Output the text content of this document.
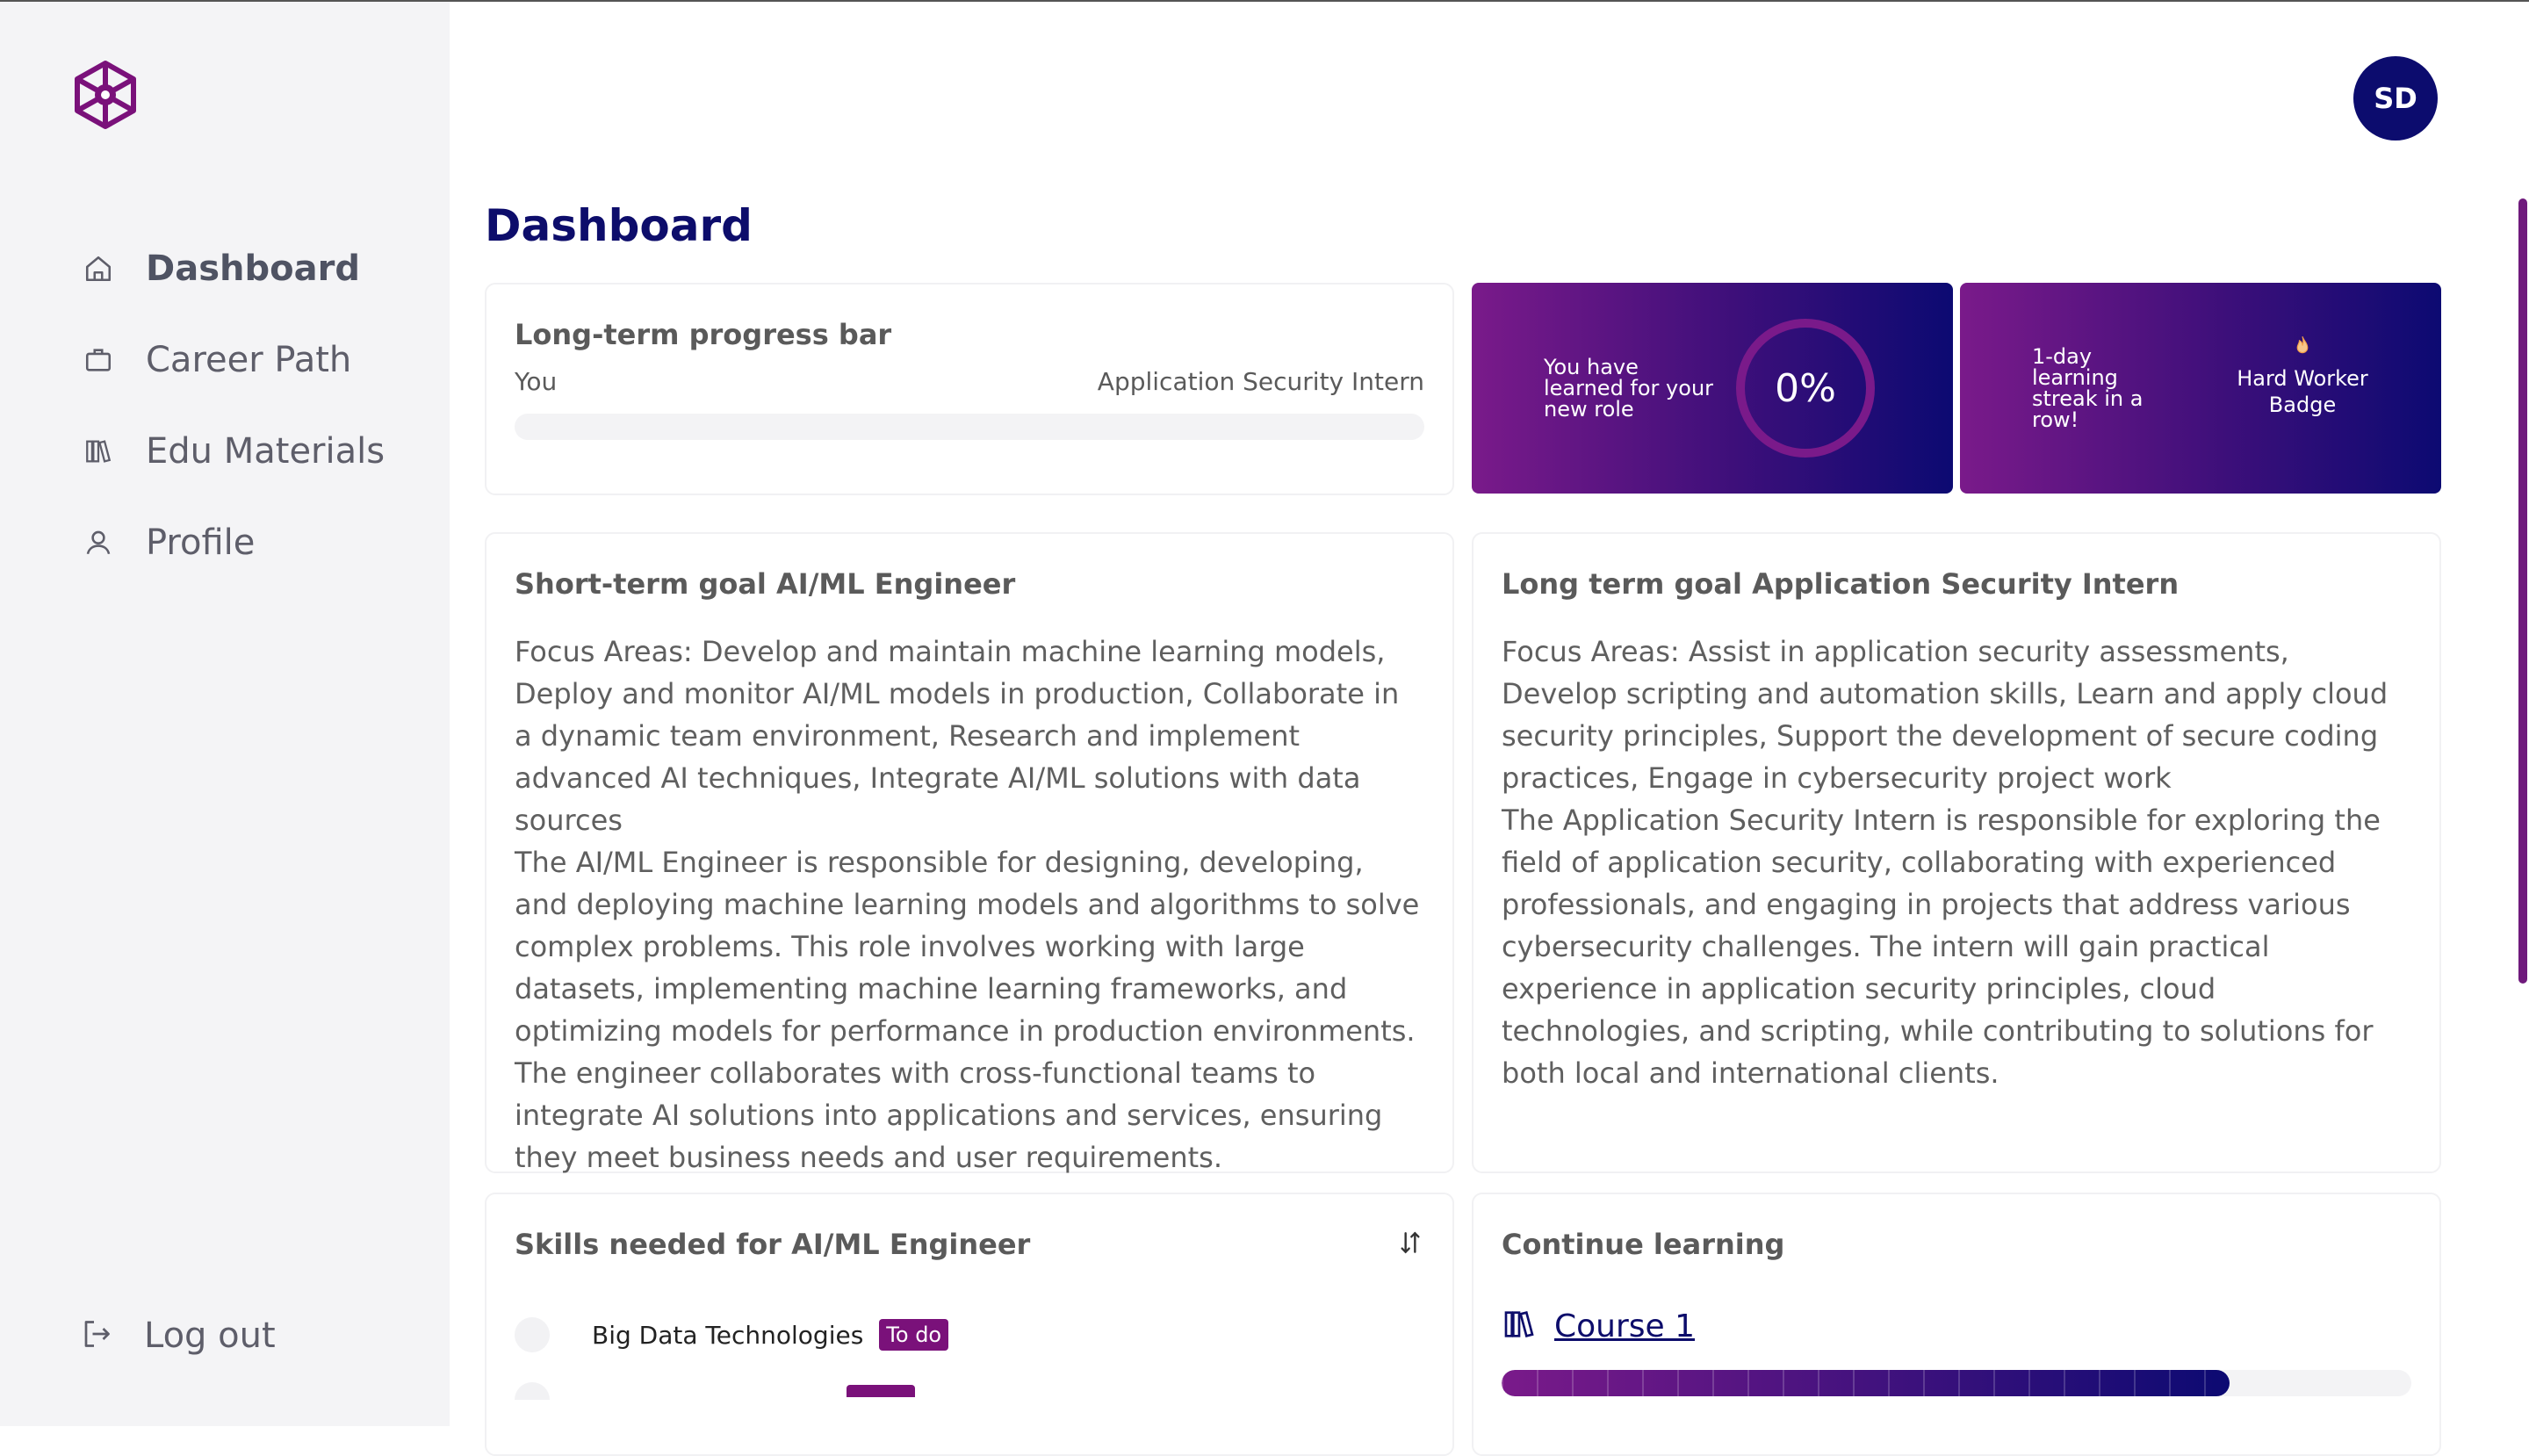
Dashboard
Career Path
Edu Materials
Profile
Log out
SD
Dashboard
Long-term progress bar
You	Application Security Intern	You have learned for your new role	0%
1-day learning streak in a row!
Hard Worker Badge
Short-term goal AI/ML Engineer

Focus Areas: Develop and maintain machine learning models, Deploy and monitor AI/ML models in production, Collaborate in a dynamic team environment, Research and implement advanced AI techniques, Integrate AI/ML solutions with data sources

The AI/ML Engineer is responsible for designing, developing, and deploying machine learning models and algorithms to solve complex problems. This role involves working with large datasets, implementing machine learning frameworks, and optimizing models for performance in production environments. The engineer collaborates with cross-functional teams to integrate AI solutions into applications and services, ensuring they meet business needs and user requirements.

Long term goal Application Security Intern

Focus Areas: Assist in application security assessments, Develop scripting and automation skills, Learn and apply cloud security principles, Support the development of secure coding practices, Engage in cybersecurity project work

The Application Security Intern is responsible for exploring the field of application security, collaborating with experienced professionals, and engaging in projects that address various cybersecurity challenges. The intern will gain practical experience in application security principles, cloud technologies, and scripting, while contributing to solutions for both local and international clients.

Skills needed for AI/ML Engineer
Big Data Technologies	To do
Continue learning
Course 1
